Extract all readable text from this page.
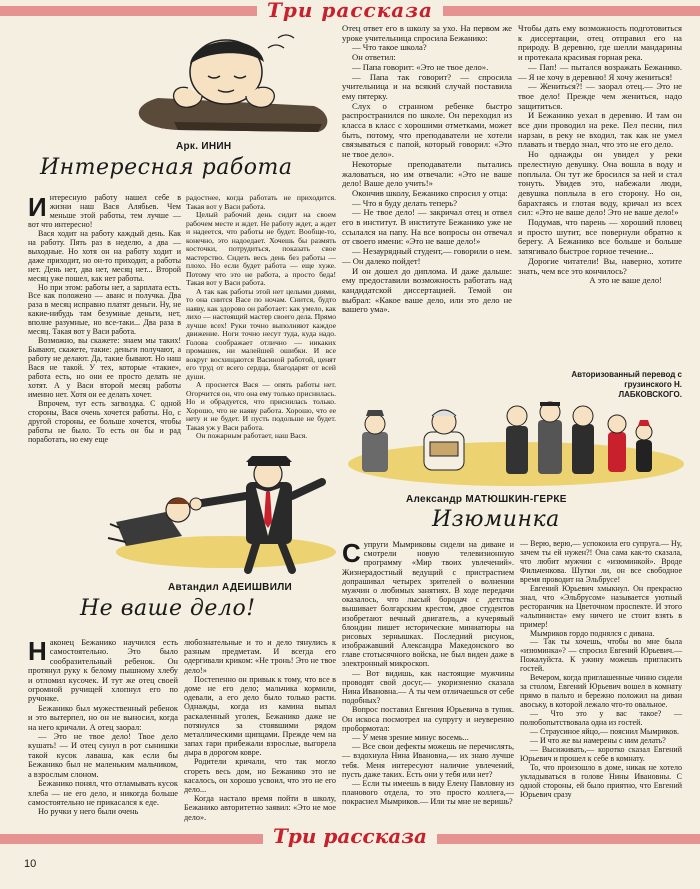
Три рассказа
Арк. ИНИН
Интересная работа

Интересную работу нашел себе в жизни наш Вася Алябьев. Чем меньше этой работы, тем лучше — вот что интересно!

Вася ходит на работу каждый день. Как на работу. Пять раз в неделю, а два — выходные. Но хотя он на работу ходит и даже приходит, но он-то приходит, а работы нет. День нет, два нет, месяц нет... Второй месяц уже пошел, как нет работы.

Но при этом: работы нет, а зарплата есть. Все как положено — аванс и получка. Два раза в месяц исправно платят деньги. Ну, не какие-нибудь там безумные деньги, нет, вполне разумные, но все-таки... Два раза в месяц. Такая вот у Васи работа.

Возможно, вы скажете: знаем мы таких! Бывают, скажете, такие: деньги получают, а работу не делают. Да, такие бывают. Но наш Вася не такой. У тех, которые «такие», работа есть, но они ее просто делать не хотят. А у Васи второй месяц работы именно нет. Хотя он ее делать хочет.

Впрочем, тут есть загвоздка. С одной стороны, Вася очень хочется работы. Но, с другой стороны, ее больше хочется, чтобы работы не было. То есть он бы и рад поработать, но ему еще

радостнее, когда работать не приходится. Такая вот у Васи работа.

Целый рабочий день сидит на своем рабочем месте и ждет. Не работу ждет, а ждет и надеется, что работы не будет. Вообще-то, конечно, это надоедает. Хочешь бы размять косточки, потрудиться, показать свое мастерство. Сидеть весь день без работы — плохо. Но если будет работа — еще хуже. Потому что это не работа, а просто беда! Такая вот у Васи работа.

А так как работы этой нет целыми днями, то она снится Васе по ночам. Снится, будто наяву, как здорово он работает: как умело, как лихо — настоящий мастер своего дела. Прямо лучше всех! Руки точно выполняют каждое движение. Ноги точно несут туда, куда надо. Голова соображает отлично — никаких промашек, ни малейшей ошибки. И все вокруг восхищаются Васиной работой, ценят его труд от всего сердца, благодарят от всей души.

А проснется Вася — опять работы нет. Огорчится он, что она ему только приснилась. Но и обрадуется, что приснилась только. Хорошо, что не наяву работа. Хорошо, что ее нету и не будет. И пусть подольше не будет. Такая уж у Васи работа.

Он пожарным работает, наш Вася.

Автандил АДЕИШВИЛИ
Не ваше дело!

Наконец Бежанико научился есть самостоятельно. Это было сообразительный ребенок. Он протянул руку к белому пышному хлебу и отломил кусочек. И тут же отец своей огромной ручищей хлопнул его по ручонке.

Бежанико был мужественный ребенок и это вытерпел, но он не выносил, когда на него кричали. А отец заорал:

— Это не твое дело! Твое дело кушать! — И отец сунул в рот сынишки такой кусок лаваша, как если бы Бежанико был не маленьким мальчиком, а взрослым слоном.

Бежанико понял, что отламывать кусок хлеба — не его дело, и никогда больше самостоятельно не прикасался к еде.

Но ручки у него были очень

любознательные и то и дело тянулись к разным предметам. И всегда его одергивали криком: «Не тронь! Это не твое дело!»

Постепенно он привык к тому, что все в доме не его дело; мальчика кормили, одевали, а его дело было только расти. Однажды, когда из камина выпал раскаленный уголек, Бежанико даже не потянулся за стоявшими рядом металлическими щипцами. Прежде чем на запах гари прибежали взрослые, выгорела дыра в дорогом ковре.

Родители кричали, что так могло сгореть весь дом, но Бежанико это не касалось, он хорошо усвоил, что это не его дело...

Когда настало время пойти в школу, Бежанико авторитетно заявил: «Это не мое дело».

Отец ответ его в школу за ухо. На первом же уроке учительница спросила Бежанико:

— Что такое школа?

Он ответил:

— Папа говорит: «Это не твое дело».

— Папа так говорит? — спросила учительница и на всякий случай поставила ему пятерку.

Слух о странном ребенке быстро распространился по школе. Он переходил из класса в класс с хорошими отметками, может быть, потому, что преподаватели не хотели связываться с папой, который говорил: «Это не твое дело».

Некоторые преподаватели пытались жаловаться, но им отвечали: «Это не ваше дело! Ваше дело учить!»

Окончив школу, Бежанико спросил у отца:

— Что я буду делать теперь?

— Не твое дело! — закричал отец и отвел его в институт. В институте Бежанико уже не ссылался на папу. На все вопросы он отвечал от своего имени: «Это не ваше дело!»

— Незаурядный студент,— говорили о нем.— Он далеко пойдет!

И он дошел до диплома. И даже дальше: ему предоставили возможность работать над кандидатской диссертацией. Темой он выбрал: «Какое ваше дело, или это дело не вашего ума».

Чтобы дать ему возможность подготовиться к диссертации, отец отправил его на природу. В деревню, где шелли мандарины и протекала красивая горная река.

— Пап! — пытался возражать Бежанико.— Я не хочу в деревню! Я хочу жениться!

— Жениться?! — заорал отец.— Это не твое дело! Прежде чем жениться, надо защититься.

И Бежанико уехал в деревню. И там он все дни проводил на реке. Пел песни, пил нарзан, в реку не входил, так как не умел плавать и твердо знал, что это не его дело.

Но однажды он увидел у реки прелестную девушку. Она вошла в воду и поплыла. Он тут же бросился за ней и стал тонуть. Увидев это, набежали люди, девушка поплыла в его сторону. Но он, барахтаясь и глотая воду, кричал из всех сил: «Это не ваше дело! Это не ваше дело!»

Подумав, что парень — хороший пловец и просто шутит, все повернули обратно к берегу. А Бежанико все больше и больше затягивало быстрое горное течение...

Дорогие читатели! Вы, наверно, хотите знать, чем все это кончилось?

А это не ваше дело!

Авторизованный перевод с грузинского Н. ЛАБКОВСКОГО.
Александр МАТЮШКИН-ГЕРКЕ
Изюминка

Супруги Мымриковы сидели на диване и смотрели новую телевизионную программу «Мир твоих увлечений». Жизнерадостный ведущий с пристрастием допрашивал четырех зрителей о волнении мужчин о любимых занятиях. В ходе передачи оказалось, что лысый бородач с детства вышивает болгарским крестом, двое студентов изобретают вечный двигатель, а кучерявый блондин пишет исторические миниатюры на рисовых зернышках. Последний рисунок, изображавший Александра Македонского во главе стотысячного войска, не был виден даже в электронный микроскоп.

— Вот видишь, как настоящие мужчины проводят свой досуг,— укоризненно сказала Нина Ивановна.— А ты чем отличаешься от себе подобных?

Вопрос поставил Евгения Юрьевича в тупик. Он искоса посмотрел на супругу и неуверенно пробормотал:

— У меня зрение минус восемь...

— Все свои дефекты можешь не перечислять,— вздохнула Нина Ивановна,— их знаю лучше тебя. Меня интересуют наличие увлечений, пусть даже таких. Есть они у тебя или нет?

— Если ты имеешь в виду Елену Павловну из планового отдела, то это просто коллега,— покраснел Мымриков.— Или ты мне не веришь?

— Верю, верю,— успокоила его супруга.— Ну, зачем ты ей нужен?! Она сама как-то сказала, что любит мужчин с «изюминкой». Вроде Фильченкова. Шутки ли, он все свободное время проводит на Эльбрусе!

Евгений Юрьевич хмыкнул. Он прекрасно знал, что «Эльбрусом» называется уютный ресторанчик на Цветочном проспекте. И этого «альпиниста» ему ничего не стоит взять в пример!

Мымриков гордо поднялся с дивана.

— Так ты хочешь, чтобы во мне была «изюминка»? — спросил Евгений Юрьевич.— Пожалуйста. К ужину можешь пригласить гостей.

Вечером, когда приглашенные чинно сидели за столом, Евгений Юрьевич вошел в комнату прямо в пальто и бережно положил на диван авоську, в которой лежало что-то овальное.

— Что это у вас такое? — полюбопытствовала одна из гостей.

— Страусиное яйцо,— пояснил Мымриков.

— И что же вы намерены с ним делать?

— Высиживать,— коротко сказал Евгений Юрьевич и прошел к себе в комнату.

То, что произошло в доме, никак не хотело укладываться в голове Нины Ивановны. С одной стороны, ей было приятно, что Евгений Юрьевич сразу

Три рассказа
10
